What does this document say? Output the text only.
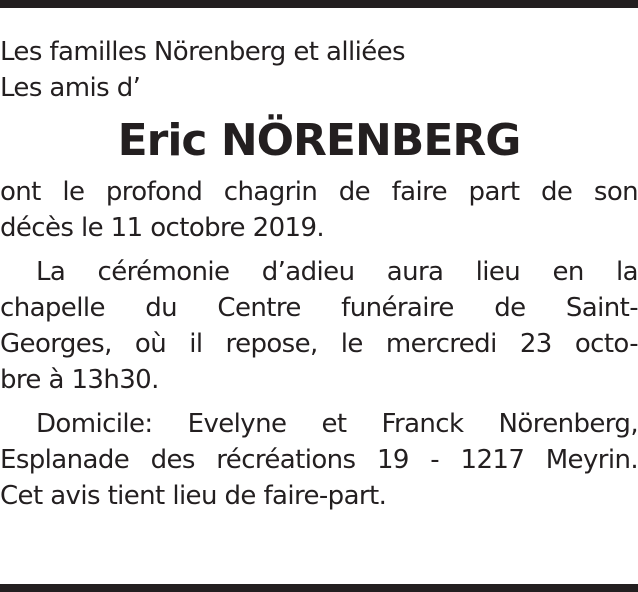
Les familles Nörenberg et alliées
Les amis d’
Eric NÖRENBERG
ont le profond chagrin de faire part de son
décès le 11 octobre 2019.
La cérémonie d’adieu aura lieu en la
chapelle du Centre funéraire de Saint-
Georges, où il repose, le mercredi 23 octo-
bre à 13h30.
Domicile: Evelyne et Franck Nörenberg,
Esplanade des récréations 19 - 1217 Meyrin.
Cet avis tient lieu de faire-part.
